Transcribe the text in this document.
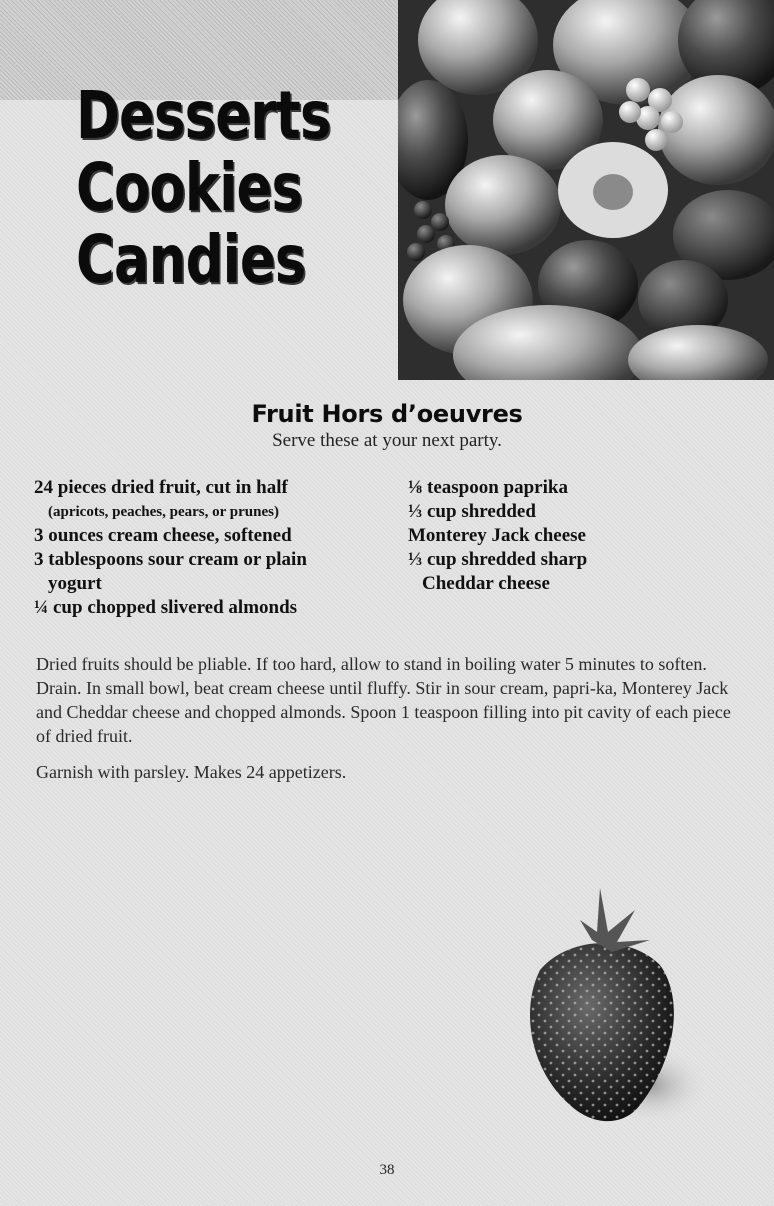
Desserts
Cookies
Candies
Fruit Hors d’oeuvres

Serve these at your next party.

24 pieces dried fruit, cut in half
(apricots, peaches, pears, or prunes)
3 ounces cream cheese, softened
3 tablespoons sour cream or plain
yogurt
¼ cup chopped slivered almonds
⅛ teaspoon paprika
⅓ cup shredded
Monterey Jack cheese
⅓ cup shredded sharp
Cheddar cheese

Dried fruits should be pliable. If too hard, allow to stand in boiling water 5 minutes to soften. Drain. In small bowl, beat cream cheese until fluffy. Stir in sour cream, papri-ka, Monterey Jack and Cheddar cheese and chopped almonds. Spoon 1 teaspoon filling into pit cavity of each piece of dried fruit.

Garnish with parsley. Makes 24 appetizers.

38
